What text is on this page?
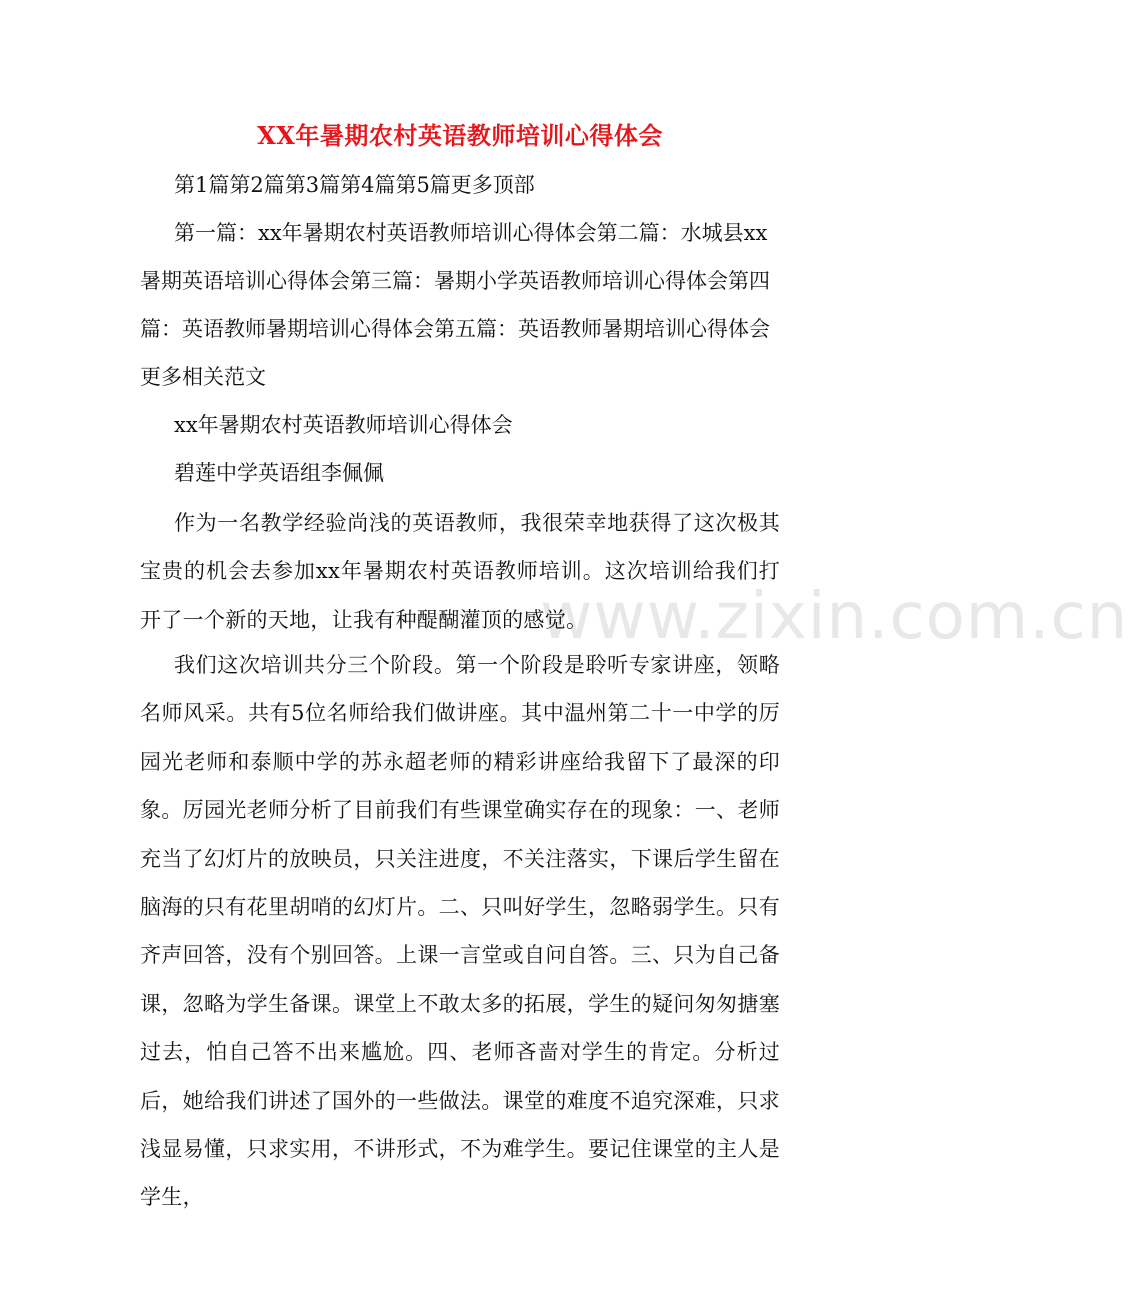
XX年暑期农村英语教师培训心得体会
第1篇第2篇第3篇第4篇第5篇更多顶部
第一篇：xx年暑期农村英语教师培训心得体会第二篇：水城县xx
暑期英语培训心得体会第三篇：暑期小学英语教师培训心得体会第四
篇：英语教师暑期培训心得体会第五篇：英语教师暑期培训心得体会
更多相关范文
xx年暑期农村英语教师培训心得体会
碧莲中学英语组李佩佩
www.zixin.com.cn
作为一名教学经验尚浅的英语教师，我很荣幸地获得了这次极其宝贵的机会去参加xx年暑期农村英语教师培训。这次培训给我们打开了一个新的天地，让我有种醍醐灌顶的感觉。
我们这次培训共分三个阶段。第一个阶段是聆听专家讲座，领略名师风采。共有5位名师给我们做讲座。其中温州第二十一中学的厉园光老师和泰顺中学的苏永超老师的精彩讲座给我留下了最深的印象。厉园光老师分析了目前我们有些课堂确实存在的现象：一、老师充当了幻灯片的放映员，只关注进度，不关注落实，下课后学生留在脑海的只有花里胡哨的幻灯片。二、只叫好学生，忽略弱学生。只有齐声回答，没有个别回答。上课一言堂或自问自答。三、只为自己备课，忽略为学生备课。课堂上不敢太多的拓展，学生的疑问匆匆搪塞过去，怕自己答不出来尴尬。四、老师吝啬对学生的肯定。分析过后，她给我们讲述了国外的一些做法。课堂的难度不追究深难，只求浅显易懂，只求实用，不讲形式，不为难学生。要记住课堂的主人是学生，
